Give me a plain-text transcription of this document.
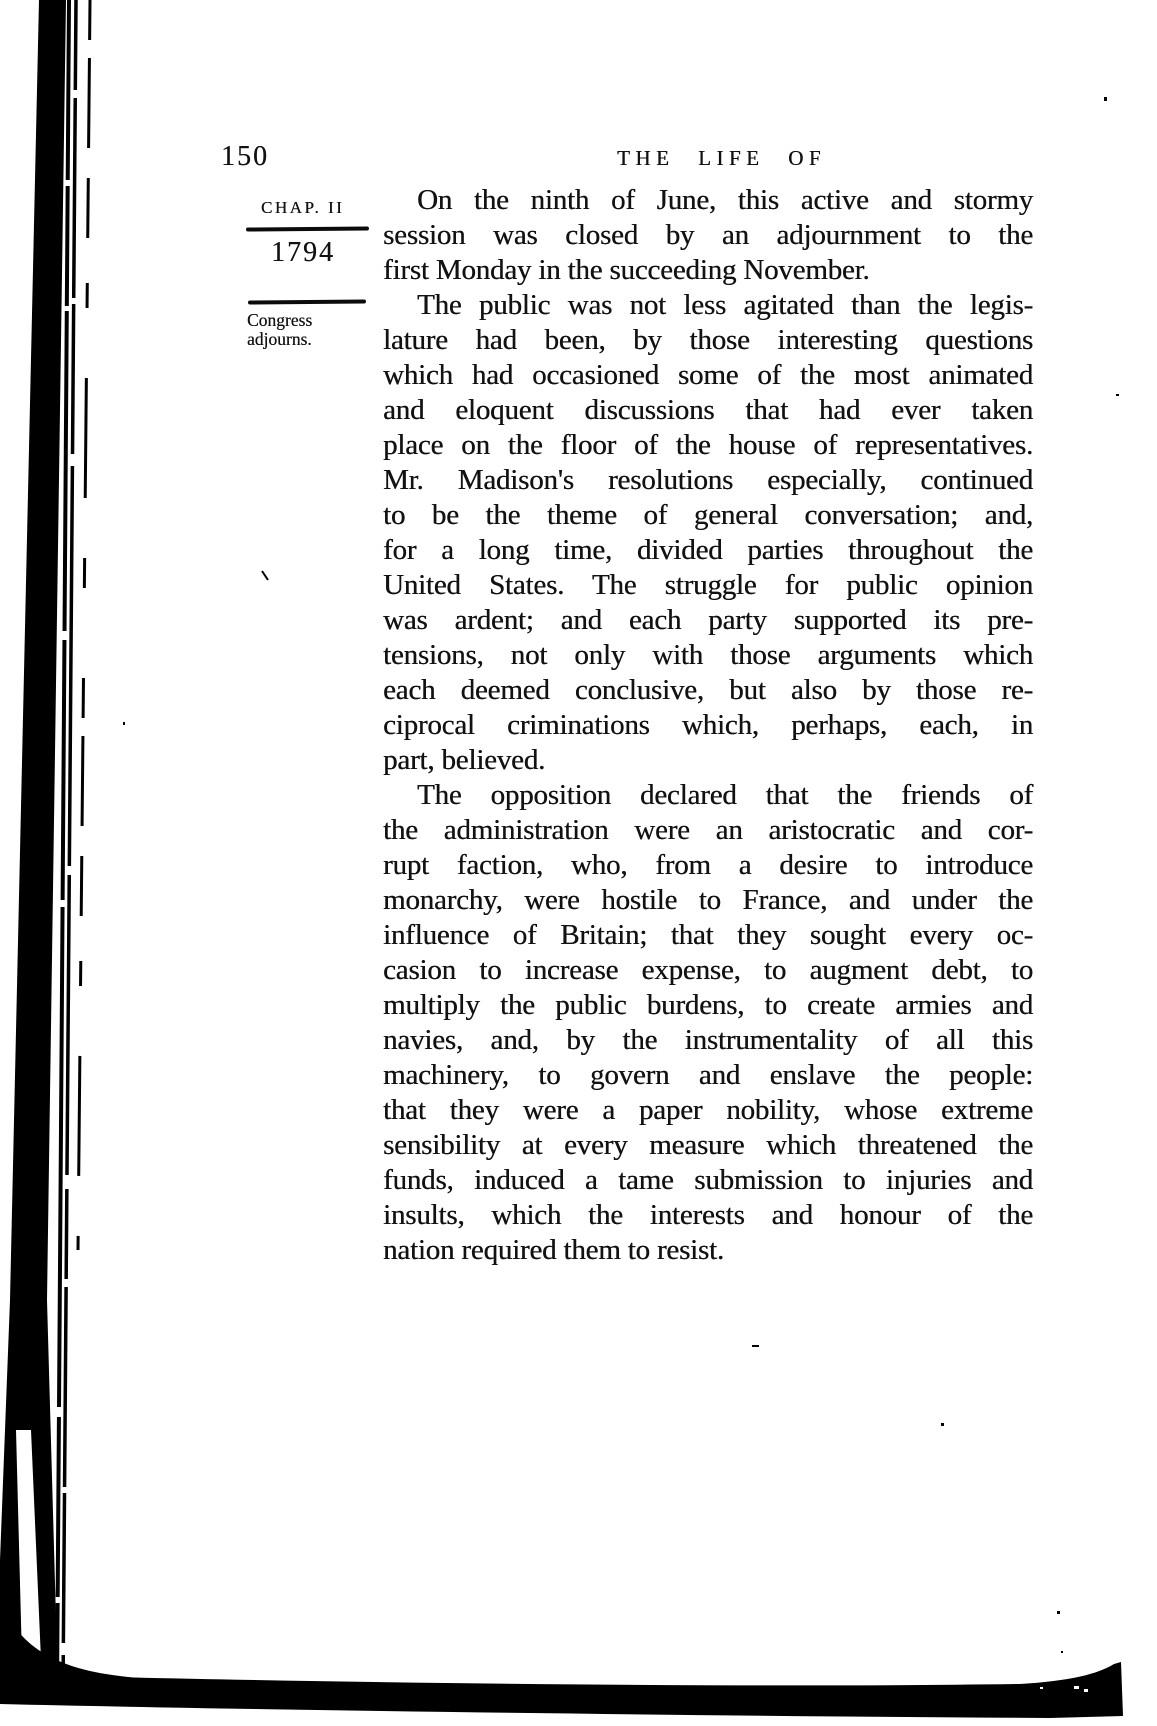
150	THE LIFE OF
CHAP. II
1794
Congress
adjourns.
On the ninth of June, this active and stormy
session was closed by an adjournment to the
first Monday in the succeeding November.
The public was not less agitated than the legis-
lature had been, by those interesting questions
which had occasioned some of the most animated
and eloquent discussions that had ever taken
place on the floor of the house of representatives.
Mr. Madison's resolutions especially, continued
to be the theme of general conversation; and,
for a long time, divided parties throughout the
United States. The struggle for public opinion
was ardent; and each party supported its pre-
tensions, not only with those arguments which
each deemed conclusive, but also by those re-
ciprocal criminations which, perhaps, each, in
part, believed.
The opposition declared that the friends of
the administration were an aristocratic and cor-
rupt faction, who, from a desire to introduce
monarchy, were hostile to France, and under the
influence of Britain; that they sought every oc-
casion to increase expense, to augment debt, to
multiply the public burdens, to create armies and
navies, and, by the instrumentality of all this
machinery, to govern and enslave the people:
that they were a paper nobility, whose extreme
sensibility at every measure which threatened the
funds, induced a tame submission to injuries and
insults, which the interests and honour of the
nation required them to resist.
